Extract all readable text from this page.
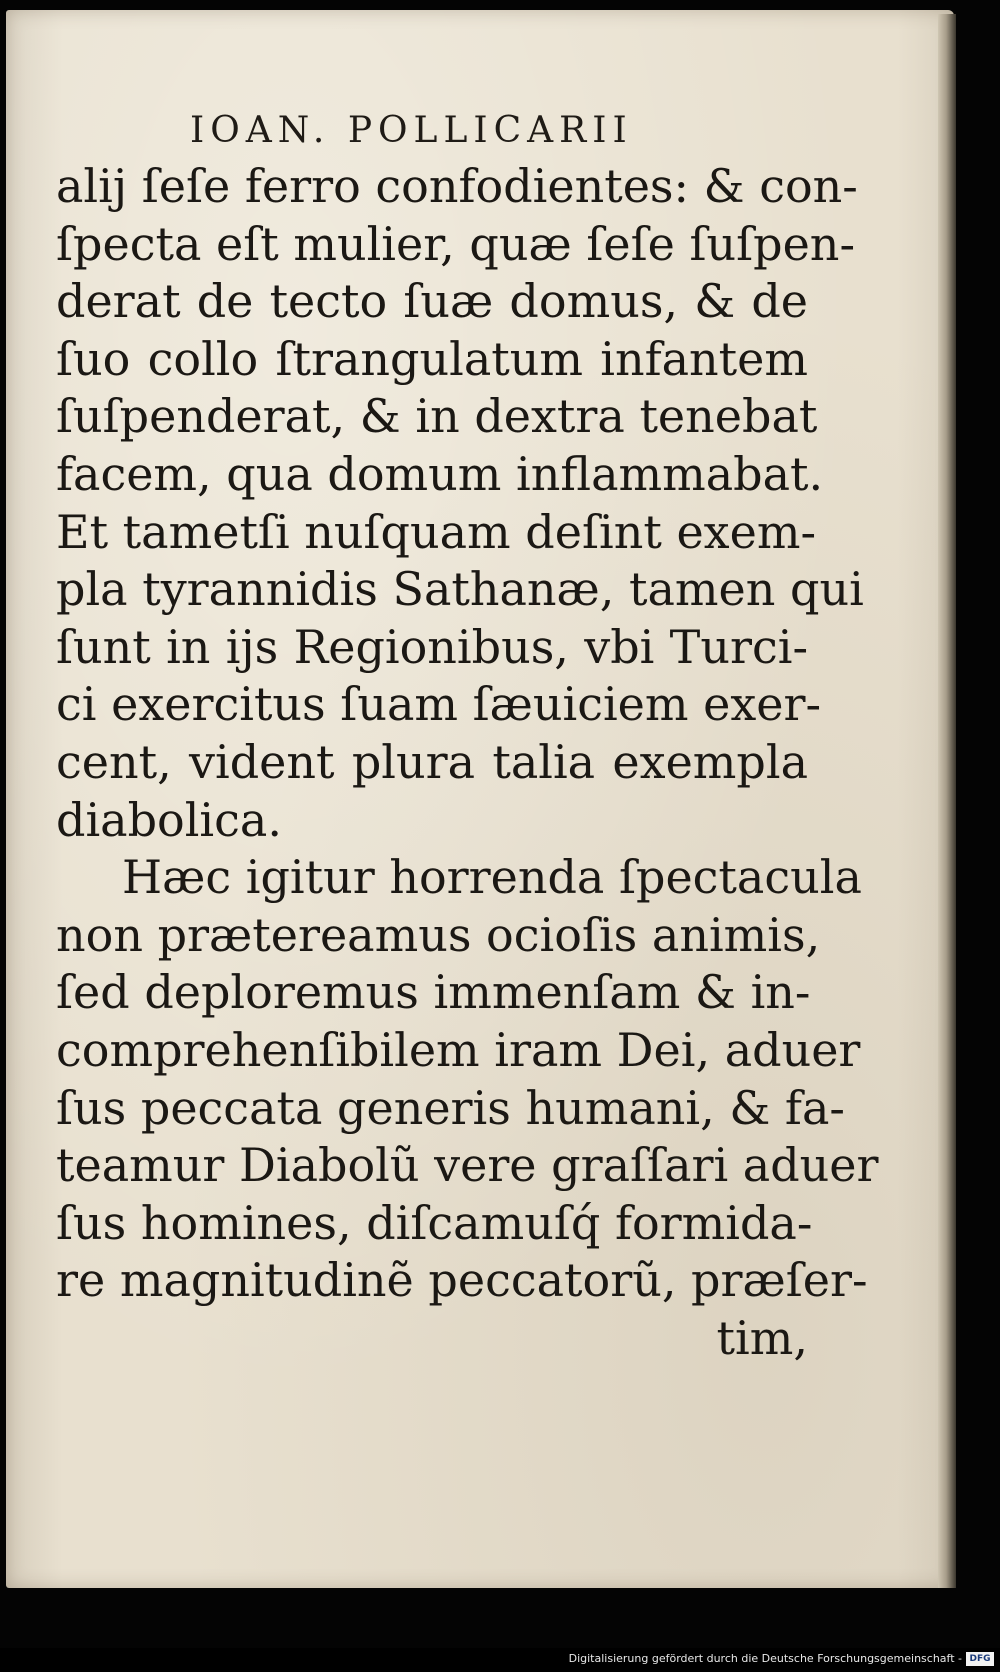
IOAN. POLLICARII
alij ſeſe ferro confodientes: & con-
ſpecta eſt mulier, quæ ſeſe ſuſpen-
derat de tecto ſuæ domus, & de
ſuo collo ſtrangulatum infantem
ſuſpenderat, & in dextra tenebat
facem, qua domum inflammabat.
Et tametſi nuſquam deſint exem-
pla tyrannidis Sathanæ, tamen qui
ſunt in ijs Regionibus, vbi Turci-
ci exercitus ſuam ſæuiciem exer-
cent, vident plura talia exempla
diabolica.
Hæc igitur horrenda ſpectacula
non prætereamus ocioſis animis,
ſed deploremus immenſam & in-
comprehenſibilem iram Dei, aduer
ſus peccata generis humani, & fa-
teamur Diabolũ vere graſſari aduer
ſus homines, diſcamuſq́ formida-
re magnitudinẽ peccatorũ, præſer-
tim,
Digitalisierung gefördert durch die Deutsche Forschungsgemeinschaft - DFG
